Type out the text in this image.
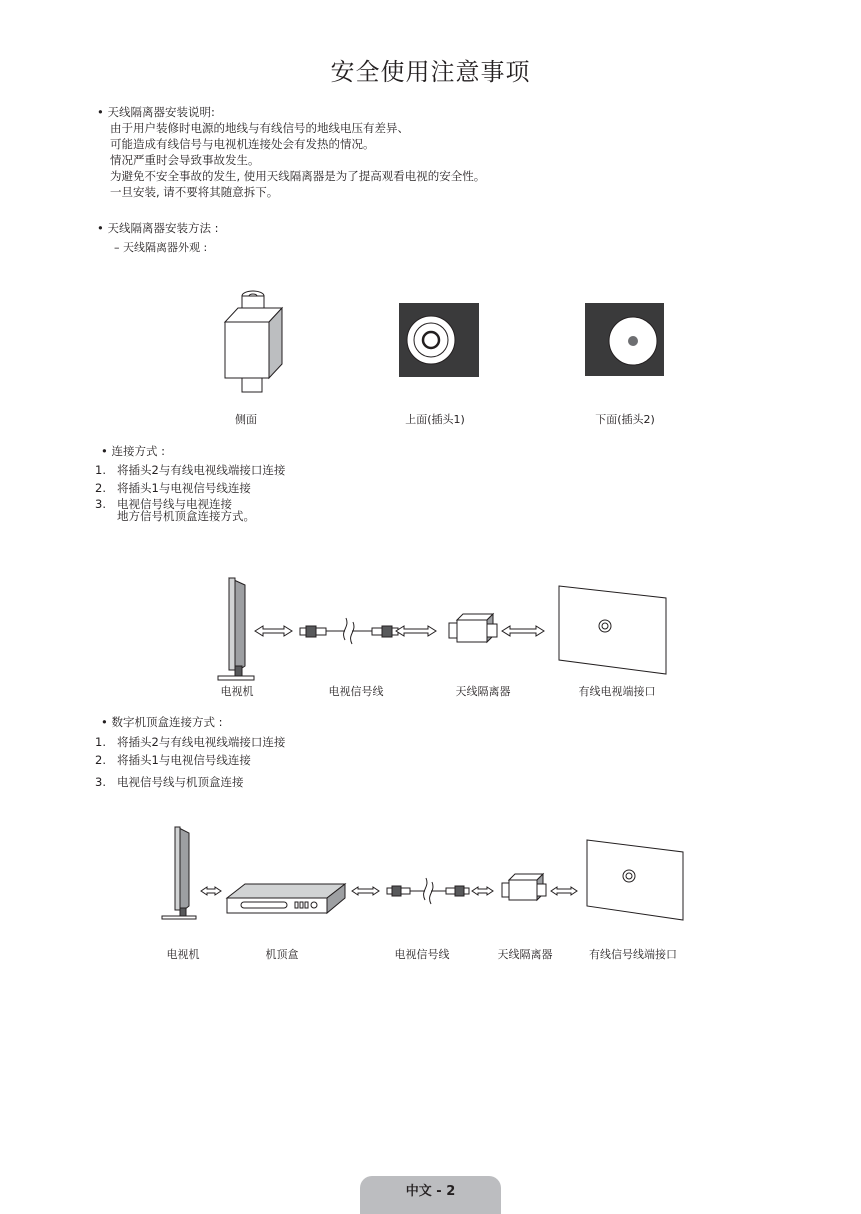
安全使用注意事项
• 天线隔离器安装说明:
由于用户装修时电源的地线与有线信号的地线电压有差异、
可能造成有线信号与电视机连接处会有发热的情况。
情况严重时会导致事故发生。
为避免不安全事故的发生, 使用天线隔离器是为了提高观看电视的安全性。
一旦安装, 请不要将其随意拆下。
• 天线隔离器安装方法 :
– 天线隔离器外观 :
侧面	上面(插头1)	下面(插头2)
• 连接方式 :
1. 将插头2与有线电视线端接口连接
2. 将插头1与电视信号线连接
3. 电视信号线与电视连接
地方信号机顶盒连接方式。
电视机	电视信号线	天线隔离器	有线电视端接口
• 数字机顶盒连接方式 :
1. 将插头2与有线电视线端接口连接
2. 将插头1与电视信号线连接
3. 电视信号线与机顶盒连接
电视机	机顶盒	电视信号线	天线隔离器	有线信号线端接口
中文 - 2
